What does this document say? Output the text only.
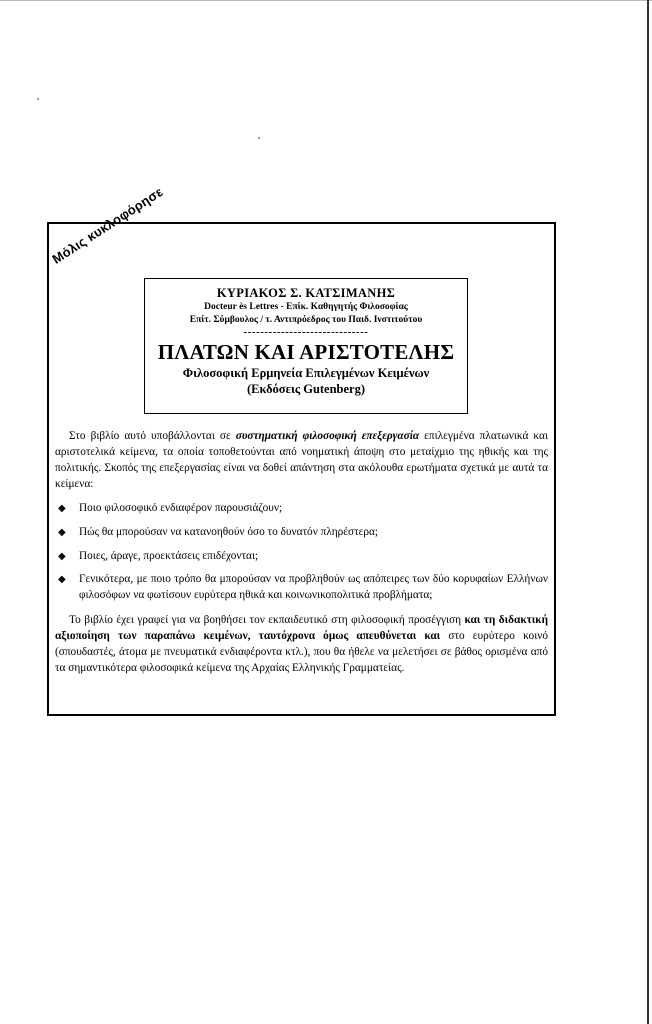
Μόλις κυκλοφόρησε
ΚΥΡΙΑΚΟΣ Σ. ΚΑΤΣΙΜΑΝΗΣ
Docteur ès Lettres - Επίκ. Καθηγητής Φιλοσοφίας
Επίτ. Σύμβουλος / τ. Αντιπρόεδρος του Παιδ. Ινστιτούτου
------------------------------
ΠΛΑΤΩΝ ΚΑΙ ΑΡΙΣΤΟΤΕΛΗΣ
Φιλοσοφική Ερμηνεία Επιλεγμένων Κειμένων
(Εκδόσεις Gutenberg)

Στο βιβλίο αυτό υποβάλλονται σε συστηματική φιλοσοφική επεξεργασία επιλεγμένα πλατωνικά και αριστοτελικά κείμενα, τα οποία τοποθετούνται από νοηματική άποψη στο μεταίχμιο της ηθικής και της πολιτικής. Σκοπός της επεξεργασίας είναι να δοθεί απάντηση στα ακόλουθα ερωτήματα σχετικά με αυτά τα κείμενα:

◆ Ποιο φιλοσοφικό ενδιαφέρον παρουσιάζουν;
◆ Πώς θα μπορούσαν να κατανοηθούν όσο το δυνατόν πληρέστερα;
◆ Ποιες, άραγε, προεκτάσεις επιδέχονται;
◆ Γενικότερα, με ποιο τρόπο θα μπορούσαν να προβληθούν ως απόπειρες των δύο κορυφαίων Ελλήνων φιλοσόφων να φωτίσουν ευρύτερα ηθικά και κοινωνικοπολιτικά προβλήματα;

Το βιβλίο έχει γραφεί για να βοηθήσει τον εκπαιδευτικό στη φιλοσοφική προσέγγιση και τη διδακτική αξιοποίηση των παραπάνω κειμένων, ταυτόχρονα όμως απευθύνεται και στο ευρύτερο κοινό (σπουδαστές, άτομα με πνευματικά ενδιαφέροντα κτλ.), που θα ήθελε να μελετήσει σε βάθος ορισμένα από τα σημαντικότερα φιλοσοφικά κείμενα της Αρχαίας Ελληνικής Γραμματείας.
